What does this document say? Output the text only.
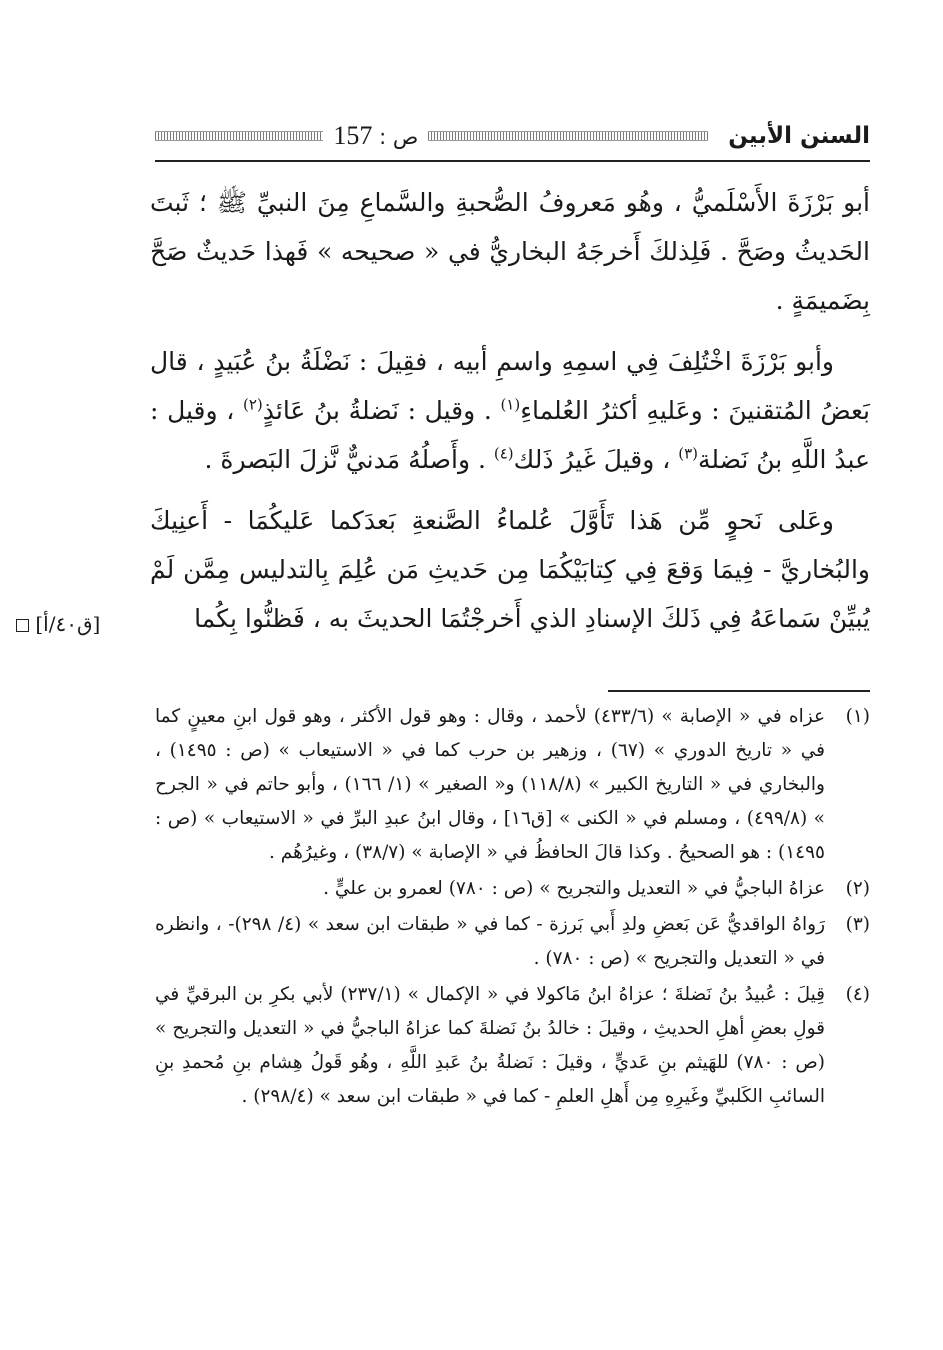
السنن الأبين
ص : 157

أبو بَرْزَةَ الأَسْلَميُّ ، وهُو مَعروفُ الصُّحبةِ والسَّماعِ مِنَ النبيِّ ﷺ ؛ ثَبتَ الحَديثُ وصَحَّ . فَلِذلكَ أَخرجَهُ البخاريُّ في « صحيحه » فَهذا حَديثٌ صَحَّ بِضَميمَةٍ .

وأبو بَرْزَةَ اخْتُلِفَ فِي اسمِهِ واسمِ أبيه ، فقِيلَ : نَضْلَةُ بنُ عُبَيدٍ ، قال بَعضُ المُتقنينَ : وعَليهِ أكثرُ العُلماءِ$^{(١)}$ . وقيل : نَضلةُ بنُ عَائذٍ$^{(٢)}$ ، وقيل : عبدُ اللَّهِ بنُ نَضلة$^{(٣)}$ ، وقيلَ غَيرُ ذَلك$^{(٤)}$ . وأَصلُهُ مَدنيٌّ نَّزلَ البَصرةَ .

وعَلى نَحوٍ مِّن هَذا تَأَوَّلَ عُلماءُ الصَّنعةِ بَعدَكما عَليكُمَا - أَعنِيكَ والبُخاريَّ - فِيمَا وَقعَ فِي كِتابَيْكُمَا مِن حَديثِ مَن عُلِمَ بِالتدليس مِمَّن لَمْ يُبيِّنْ سَماعَهُ فِي ذَلكَ الإسنادِ الذي أَخرجْتُمَا الحديثَ به ، فَظنُّوا بِكُما

[ق٤٠/أ]
(١)
عزاه في « الإصابة » (٤٣٣/٦) لأحمد ، وقال : وهو قول الأكثر ، وهو قول ابنِ معينٍ كما في « تاريخ الدوري » (٦٧) ، وزهير بن حرب كما في « الاستيعاب » (ص : ١٤٩٥) ، والبخاري في « التاريخ الكبير » (١١٨/٨) و« الصغير » (١/ ١٦٦) ، وأبو حاتم في « الجرح » (٤٩٩/٨) ، ومسلم في « الكنى » [ق١٦] ، وقال ابنُ عبدِ البرِّ في « الاستيعاب » (ص : ١٤٩٥) : هو الصحيحُ . وكذا قالَ الحافظُ في « الإصابة » (٣٨/٧) ، وغيرُهُم .
(٢)
عزاهُ الباجيُّ في « التعديل والتجريح » (ص : ٧٨٠) لعمرو بن عليٍّ .
(٣)
رَواهُ الواقديُّ عَن بَعضِ ولدِ أَبي بَرزة - كما في « طبقات ابن سعد » (٤/ ٢٩٨)- ، وانظره في « التعديل والتجريح » (ص : ٧٨٠) .
(٤)
قِيلَ : عُبيدُ بنُ نَضلةَ ؛ عزاهُ ابنُ مَاكولا في « الإكمال » (٢٣٧/١) لأبي بكرِ بن البرقيِّ في قولِ بعضِ أهلِ الحديثِ ، وقيلَ : خالدُ بنُ نَضلةَ كما عزاهُ الباجيُّ في « التعديل والتجريح » (ص : ٧٨٠) للهَيثم بنِ عَديٍّ ، وقيلَ : نَضلةُ بنُ عَبدِ اللَّهِ ، وهُو قَولُ هِشام بنِ مُحمدِ بنِ السائبِ الكَلبيِّ وغَيرِهِ مِن أَهلِ العلمِ - كما في « طبقات ابن سعد » (٢٩٨/٤) .
